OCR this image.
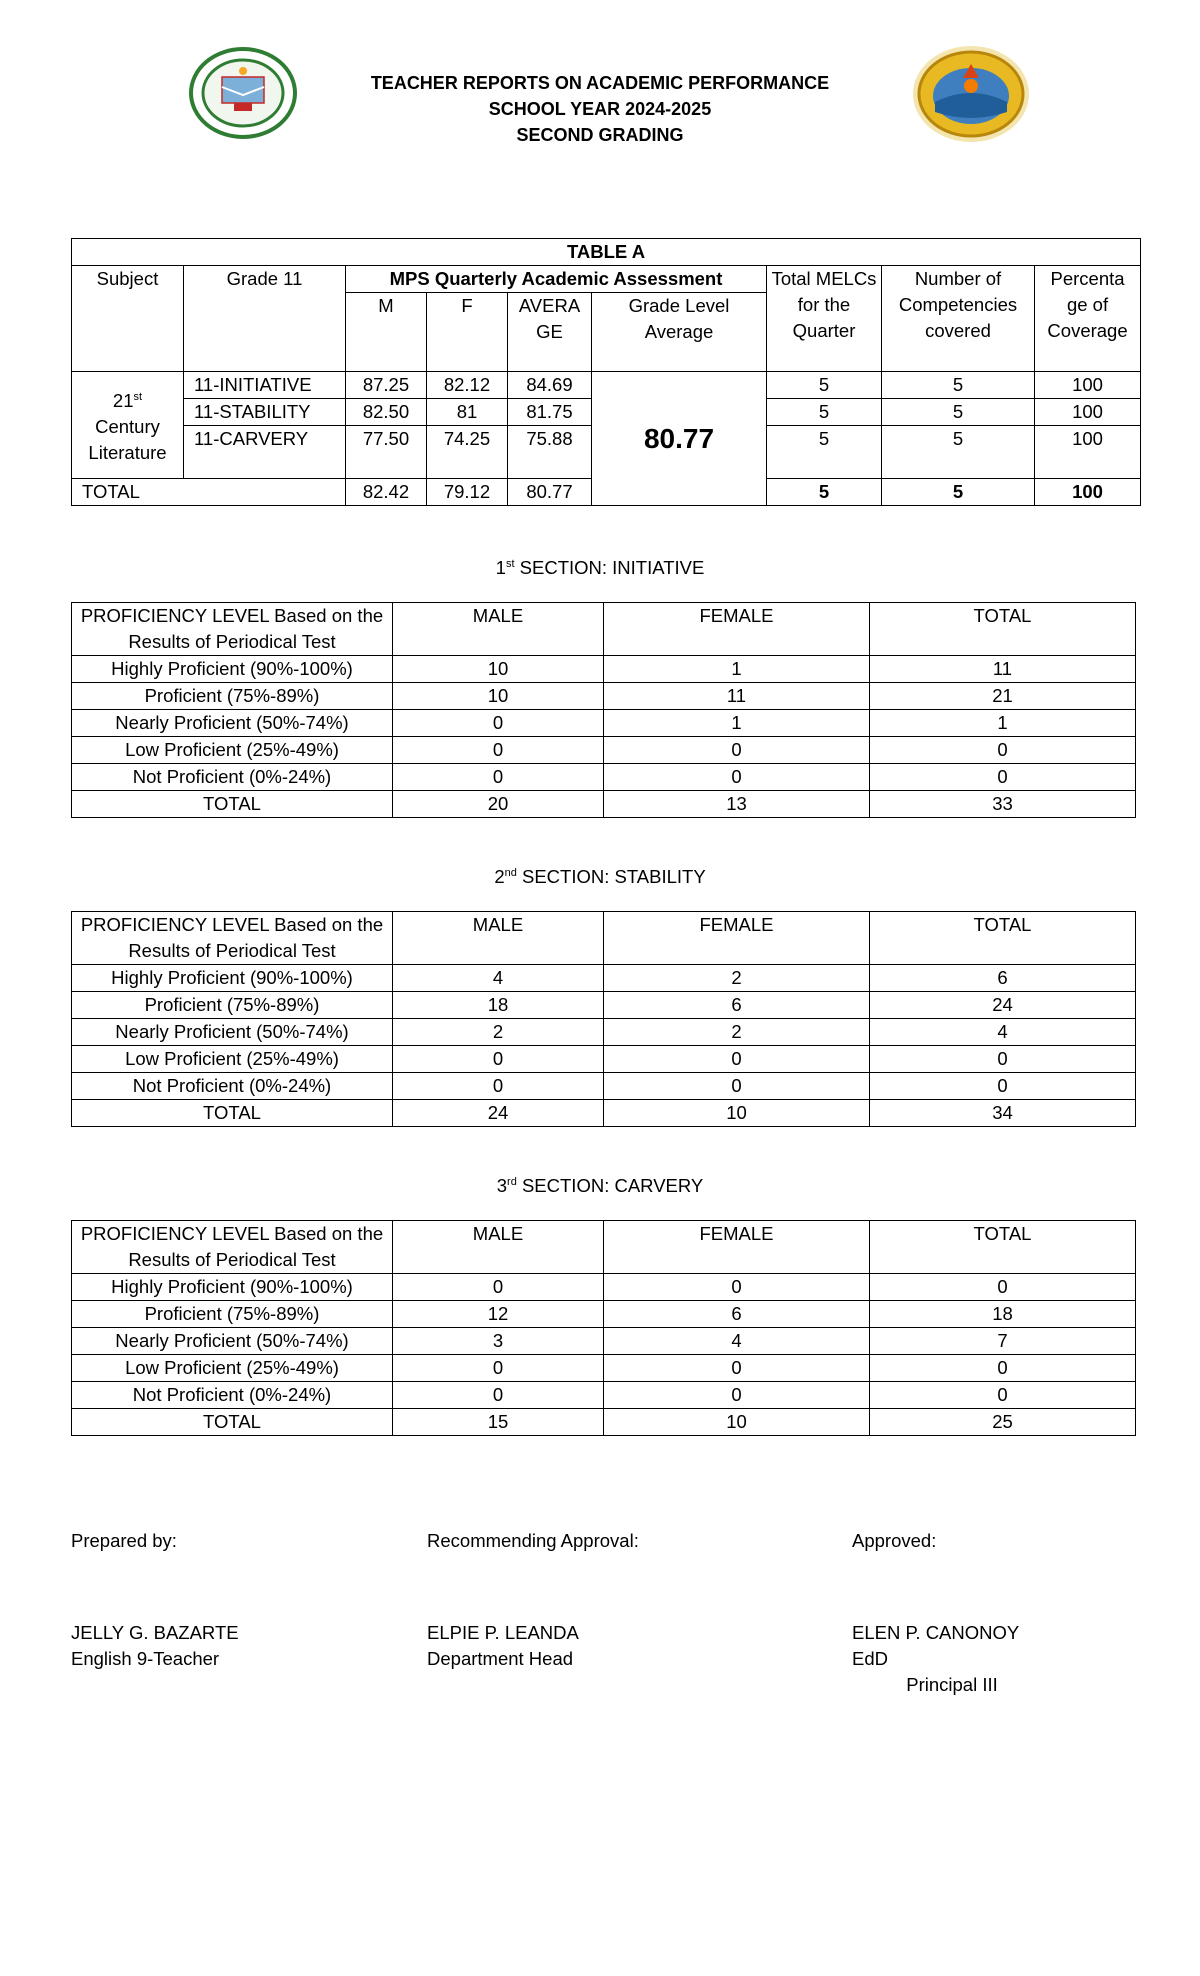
TEACHER REPORTS ON ACADEMIC PERFORMANCE
SCHOOL YEAR 2024-2025
SECOND GRADING
TABLE A								
Subject	Grade 11	MPS Quarterly Academic Assessment				Total MELCs for the Quarter	Number of Competencies covered	Percenta ge of Coverage
		M	F	AVERA GE	Grade Level Average			
21st
Century Literature	11-INITIATIVE	87.25	82.12	84.69	80.77	5	5	100
	11-STABILITY	82.50	81	81.75		5	5	100
	11-CARVERY	77.50	74.25	75.88		5	5	100
TOTAL		82.42	79.12	80.77		5	5	100
1st SECTION: INITIATIVE
PROFICIENCY LEVEL Based on the Results of Periodical Test	MALE	FEMALE	TOTAL
Highly Proficient (90%-100%)	10	1	11
Proficient (75%-89%)	10	11	21
Nearly Proficient (50%-74%)	0	1	1
Low Proficient (25%-49%)	0	0	0
Not Proficient (0%-24%)	0	0	0
TOTAL	20	13	33
2nd SECTION: STABILITY
PROFICIENCY LEVEL Based on the Results of Periodical Test	MALE	FEMALE	TOTAL
Highly Proficient (90%-100%)	4	2	6
Proficient (75%-89%)	18	6	24
Nearly Proficient (50%-74%)	2	2	4
Low Proficient (25%-49%)	0	0	0
Not Proficient (0%-24%)	0	0	0
TOTAL	24	10	34
3rd SECTION: CARVERY
PROFICIENCY LEVEL Based on the Results of Periodical Test	MALE	FEMALE	TOTAL
Highly Proficient (90%-100%)	0	0	0
Proficient (75%-89%)	12	6	18
Nearly Proficient (50%-74%)	3	4	7
Low Proficient (25%-49%)	0	0	0
Not Proficient (0%-24%)	0	0	0
TOTAL	15	10	25
Prepared by:	Recommending Approval:	Approved:
JELLY G. BAZARTE
English 9-Teacher
ELPIE P. LEANDA
Department Head
ELEN P. CANONOY EdD
Principal III
